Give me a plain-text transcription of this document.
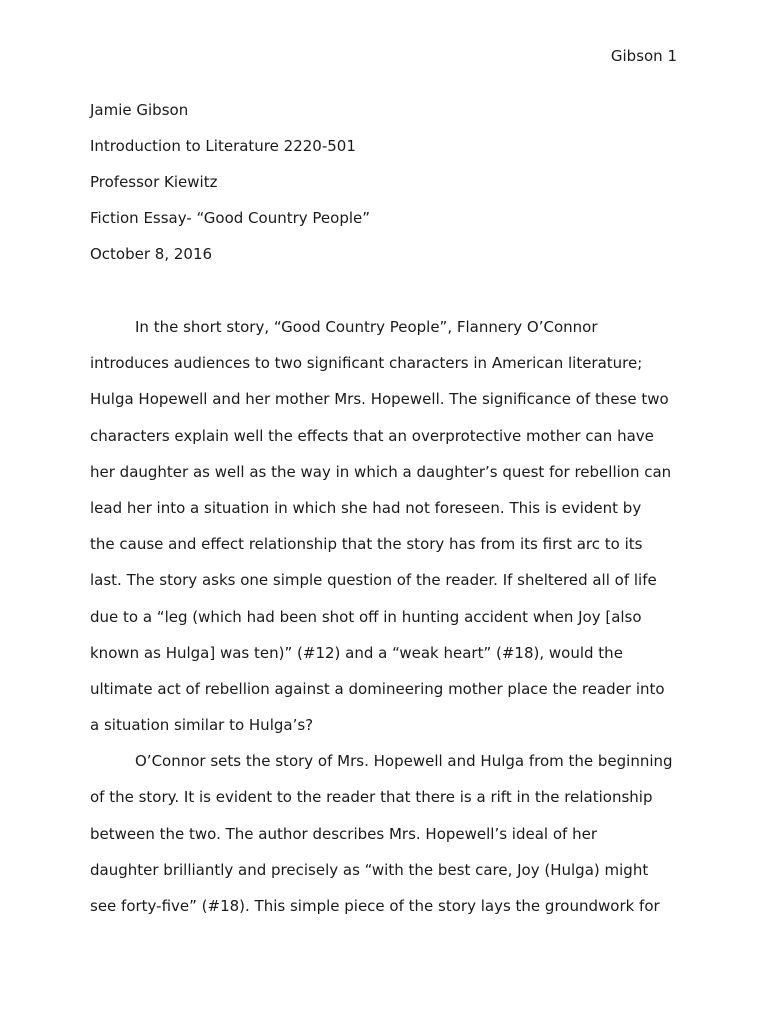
Gibson 1
Jamie Gibson
Introduction to Literature 2220-501
Professor Kiewitz
Fiction Essay- “Good Country People”
October 8, 2016
In the short story, “Good Country People”, Flannery O’Connor
introduces audiences to two significant characters in American literature;
Hulga Hopewell and her mother Mrs. Hopewell. The significance of these two
characters explain well the effects that an overprotective mother can have
her daughter as well as the way in which a daughter’s quest for rebellion can
lead her into a situation in which she had not foreseen. This is evident by
the cause and effect relationship that the story has from its first arc to its
last. The story asks one simple question of the reader. If sheltered all of life
due to a “leg (which had been shot off in hunting accident when Joy [also
known as Hulga] was ten)” (#12) and a “weak heart” (#18), would the
ultimate act of rebellion against a domineering mother place the reader into
a situation similar to Hulga’s?
O’Connor sets the story of Mrs. Hopewell and Hulga from the beginning
of the story. It is evident to the reader that there is a rift in the relationship
between the two. The author describes Mrs. Hopewell’s ideal of her
daughter brilliantly and precisely as “with the best care, Joy (Hulga) might
see forty-five” (#18). This simple piece of the story lays the groundwork for
